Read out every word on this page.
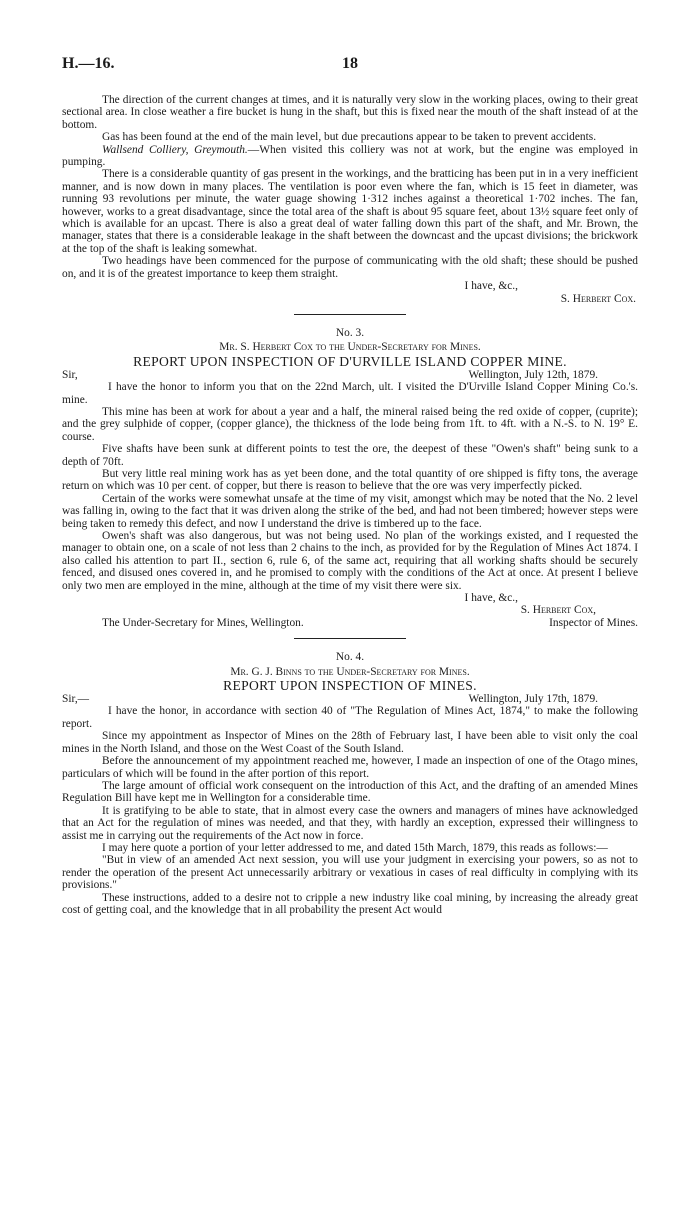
H.—16.	18

The direction of the current changes at times, and it is naturally very slow in the working places, owing to their great sectional area. In close weather a fire bucket is hung in the shaft, but this is fixed near the mouth of the shaft instead of at the bottom.

Gas has been found at the end of the main level, but due precautions appear to be taken to prevent accidents.

Wallsend Colliery, Greymouth.—When visited this colliery was not at work, but the engine was employed in pumping.

There is a considerable quantity of gas present in the workings, and the bratticing has been put in in a very inefficient manner, and is now down in many places. The ventilation is poor even where the fan, which is 15 feet in diameter, was running 93 revolutions per minute, the water guage showing 1·312 inches against a theoretical 1·702 inches. The fan, however, works to a great disadvantage, since the total area of the shaft is about 95 square feet, about 13½ square feet only of which is available for an upcast. There is also a great deal of water falling down this part of the shaft, and Mr. Brown, the manager, states that there is a considerable leakage in the shaft between the downcast and the upcast divisions; the brickwork at the top of the shaft is leaking somewhat.

Two headings have been commenced for the purpose of communicating with the old shaft; these should be pushed on, and it is of the greatest importance to keep them straight.

I have, &c.,
S. Herbert Cox.
No. 3.
Mr. S. Herbert Cox to the Under-Secretary for Mines.
REPORT UPON INSPECTION OF D'URVILLE ISLAND COPPER MINE.
Sir,	Wellington, July 12th, 1879.

I have the honor to inform you that on the 22nd March, ult. I visited the D'Urville Island Copper Mining Co.'s. mine.

This mine has been at work for about a year and a half, the mineral raised being the red oxide of copper, (cuprite); and the grey sulphide of copper, (copper glance), the thickness of the lode being from 1ft. to 4ft. with a N.-S. to N. 19° E. course.

Five shafts have been sunk at different points to test the ore, the deepest of these "Owen's shaft" being sunk to a depth of 70ft.

But very little real mining work has as yet been done, and the total quantity of ore shipped is fifty tons, the average return on which was 10 per cent. of copper, but there is reason to believe that the ore was very imperfectly picked.

Certain of the works were somewhat unsafe at the time of my visit, amongst which may be noted that the No. 2 level was falling in, owing to the fact that it was driven along the strike of the bed, and had not been timbered; however steps were being taken to remedy this defect, and now I understand the drive is timbered up to the face.

Owen's shaft was also dangerous, but was not being used. No plan of the workings existed, and I requested the manager to obtain one, on a scale of not less than 2 chains to the inch, as provided for by the Regulation of Mines Act 1874. I also called his attention to part II., section 6, rule 6, of the same act, requiring that all working shafts should be securely fenced, and disused ones covered in, and he promised to comply with the conditions of the Act at once. At present I believe only two men are employed in the mine, although at the time of my visit there were six.

I have, &c.,
S. Herbert Cox,
The Under-Secretary for Mines, Wellington.	Inspector of Mines.
No. 4.
Mr. G. J. Binns to the Under-Secretary for Mines.
REPORT UPON INSPECTION OF MINES.
Sir,—	Wellington, July 17th, 1879.

I have the honor, in accordance with section 40 of "The Regulation of Mines Act, 1874," to make the following report.

Since my appointment as Inspector of Mines on the 28th of February last, I have been able to visit only the coal mines in the North Island, and those on the West Coast of the South Island.

Before the announcement of my appointment reached me, however, I made an inspection of one of the Otago mines, particulars of which will be found in the after portion of this report.

The large amount of official work consequent on the introduction of this Act, and the drafting of an amended Mines Regulation Bill have kept me in Wellington for a considerable time.

It is gratifying to be able to state, that in almost every case the owners and managers of mines have acknowledged that an Act for the regulation of mines was needed, and that they, with hardly an exception, expressed their willingness to assist me in carrying out the requirements of the Act now in force.

I may here quote a portion of your letter addressed to me, and dated 15th March, 1879, this reads as follows:—

"But in view of an amended Act next session, you will use your judgment in exercising your powers, so as not to render the operation of the present Act unnecessarily arbitrary or vexatious in cases of real difficulty in complying with its provisions."

These instructions, added to a desire not to cripple a new industry like coal mining, by increasing the already great cost of getting coal, and the knowledge that in all probability the present Act would
